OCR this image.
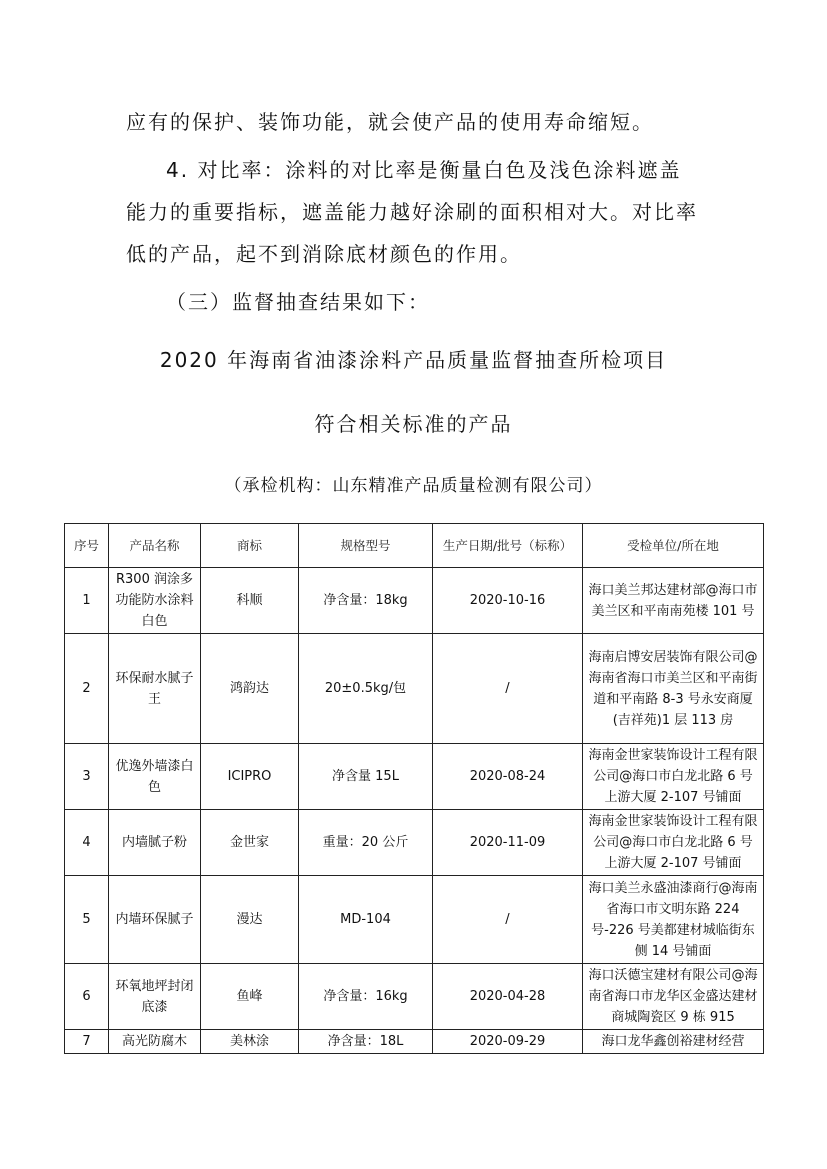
应有的保护、装饰功能，就会使产品的使用寿命缩短。
4. 对比率：涂料的对比率是衡量白色及浅色涂料遮盖
能力的重要指标，遮盖能力越好涂刷的面积相对大。对比率
低的产品，起不到消除底材颜色的作用。
（三）监督抽查结果如下：
2020 年海南省油漆涂料产品质量监督抽查所检项目
符合相关标准的产品
（承检机构：山东精准产品质量检测有限公司）
序号	产品名称	商标	规格型号	生产日期/批号（标称）	受检单位/所在地
1	R300 润涂多功能防水涂料 白色	科顺	净含量：18kg	2020-10-16	海口美兰邦达建材部@海口市美兰区和平南南苑楼 101 号
2	环保耐水腻子王	鸿韵达	20±0.5kg/包	/	海南启博安居装饰有限公司@海南省海口市美兰区和平南街道和平南路 8-3 号永安商厦(吉祥苑)1 层 113 房
3	优逸外墙漆白色	ICIPRO	净含量 15L	2020-08-24	海南金世家装饰设计工程有限公司@海口市白龙北路 6 号上游大厦 2-107 号铺面
4	内墙腻子粉	金世家	重量：20 公斤	2020-11-09	海南金世家装饰设计工程有限公司@海口市白龙北路 6 号上游大厦 2-107 号铺面
5	内墙环保腻子	漫达	MD-104	/	海口美兰永盛油漆商行@海南省海口市文明东路 224 号-226 号美都建材城临街东侧 14 号铺面
6	环氧地坪封闭底漆	鱼峰	净含量：16kg	2020-04-28	海口沃德宝建材有限公司@海南省海口市龙华区金盛达建材商城陶瓷区 9 栋 915
7	高光防腐木	美林涂	净含量：18L	2020-09-29	海口龙华鑫创裕建材经营
